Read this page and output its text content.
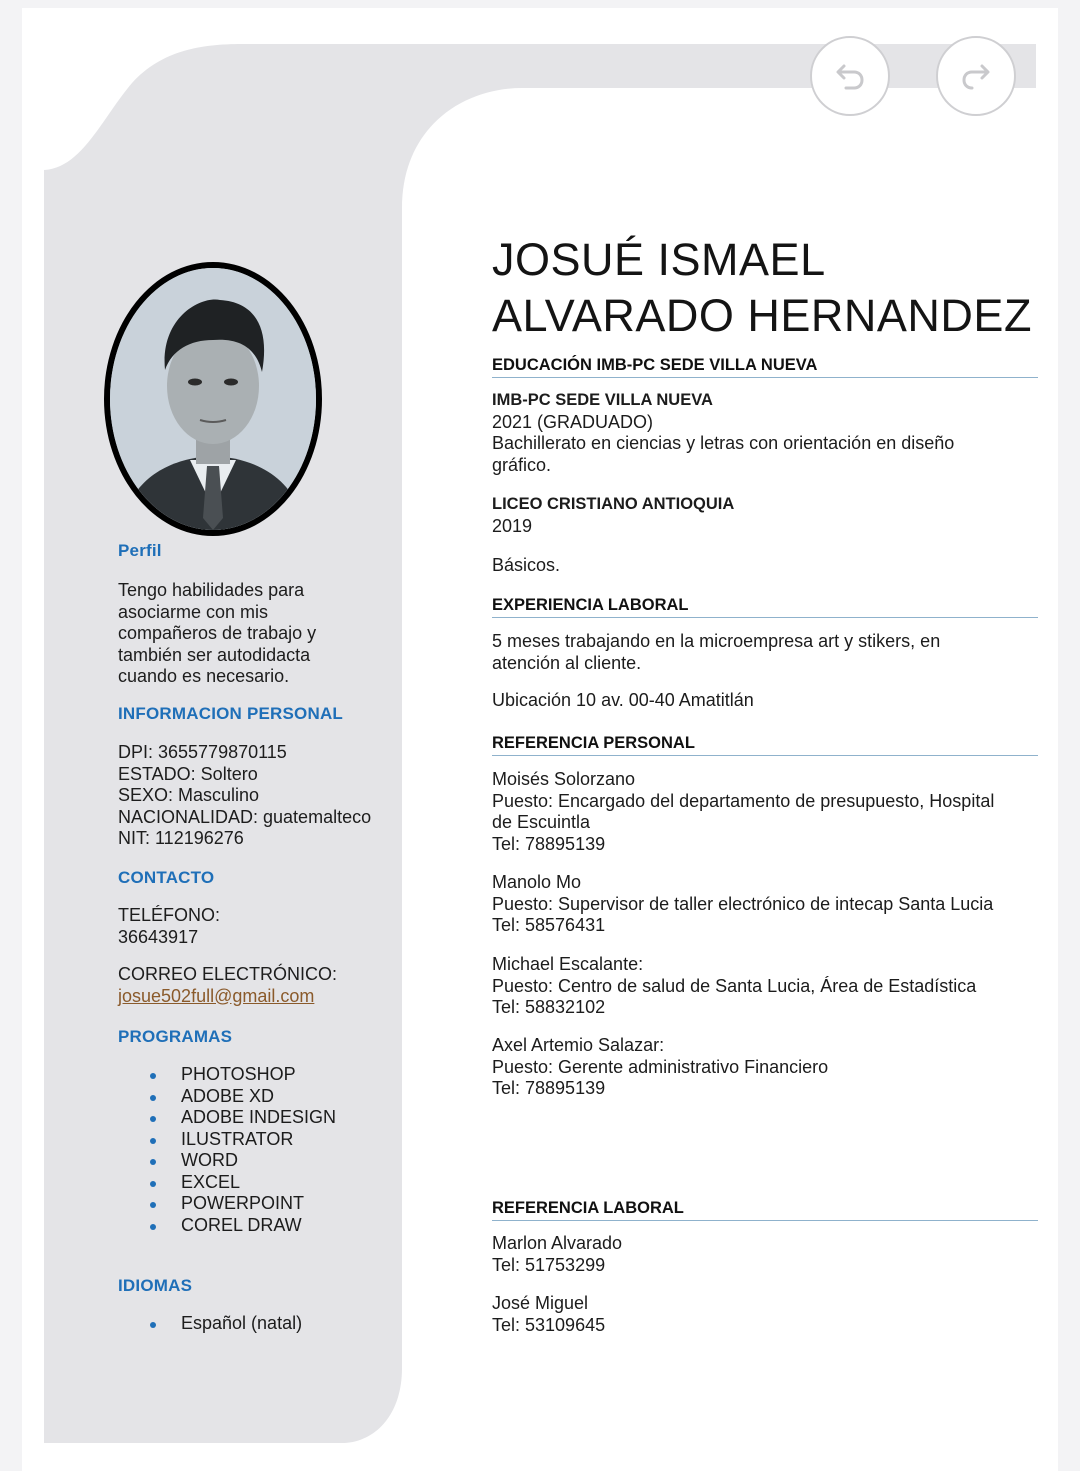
Perfil
Tengo habilidades para asociarme con mis compañeros de trabajo y también ser autodidacta cuando es necesario.
INFORMACION PERSONAL
DPI: 3655779870115
ESTADO: Soltero
SEXO: Masculino
NACIONALIDAD: guatemalteco
NIT: 112196276
CONTACTO
TELÉFONO:
36643917
CORREO ELECTRÓNICO:
josue502full@gmail.com
PROGRAMAS
PHOTOSHOP
ADOBE XD
ADOBE INDESIGN
ILUSTRATOR
WORD
EXCEL
POWERPOINT
COREL DRAW
IDIOMAS
Español (natal)
JOSUÉ ISMAEL
ALVARADO HERNANDEZ
EDUCACIÓN IMB-PC SEDE VILLA NUEVA
IMB-PC SEDE VILLA NUEVA
2021 (GRADUADO)
Bachillerato en ciencias y letras con orientación en diseño
gráfico.
LICEO CRISTIANO ANTIOQUIA
2019
Básicos.
EXPERIENCIA LABORAL
5 meses trabajando en la microempresa art y stikers, en
atención al cliente.
Ubicación 10 av. 00-40 Amatitlán
REFERENCIA PERSONAL
Moisés Solorzano
Puesto: Encargado del departamento de presupuesto, Hospital
de Escuintla
Tel: 78895139
Manolo Mo
Puesto: Supervisor de taller electrónico de intecap Santa Lucia
Tel: 58576431
Michael Escalante:
Puesto: Centro de salud de Santa Lucia, Área de Estadística
Tel: 58832102
Axel Artemio Salazar:
Puesto: Gerente administrativo Financiero
Tel: 78895139
REFERENCIA LABORAL
Marlon Alvarado
Tel: 51753299
José Miguel
Tel: 53109645
